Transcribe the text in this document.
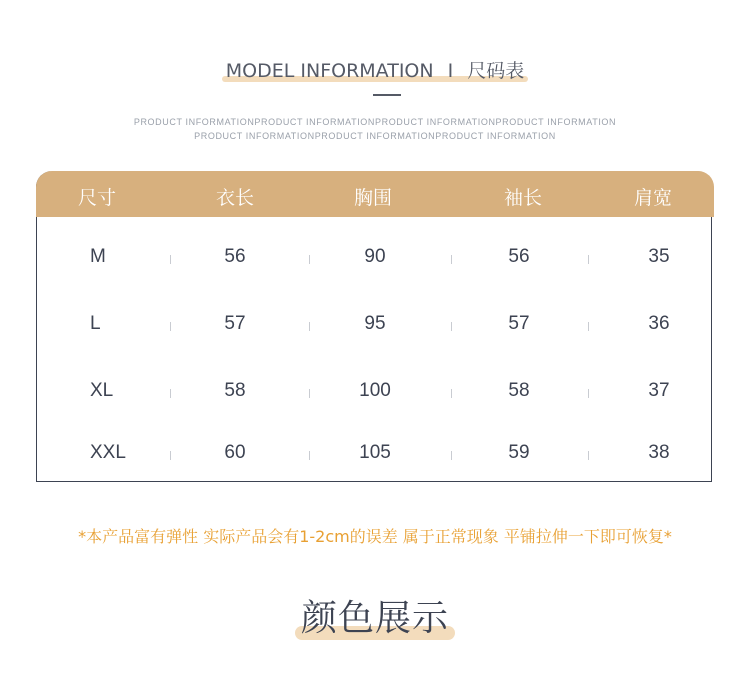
MODEL INFORMATION I 尺码表
PRODUCT INFORMATIONPRODUCT INFORMATIONPRODUCT INFORMATIONPRODUCT INFORMATION
PRODUCT INFORMATIONPRODUCT INFORMATIONPRODUCT INFORMATION
尺寸	衣长	胸围	袖长	肩宽
M	56	90	56	35
L	57	95	57	36
XL	58	100	58	37
XXL	60	105	59	38
*本产品富有弹性 实际产品会有1-2cm的误差 属于正常现象 平铺拉伸一下即可恢复*
颜色展示
